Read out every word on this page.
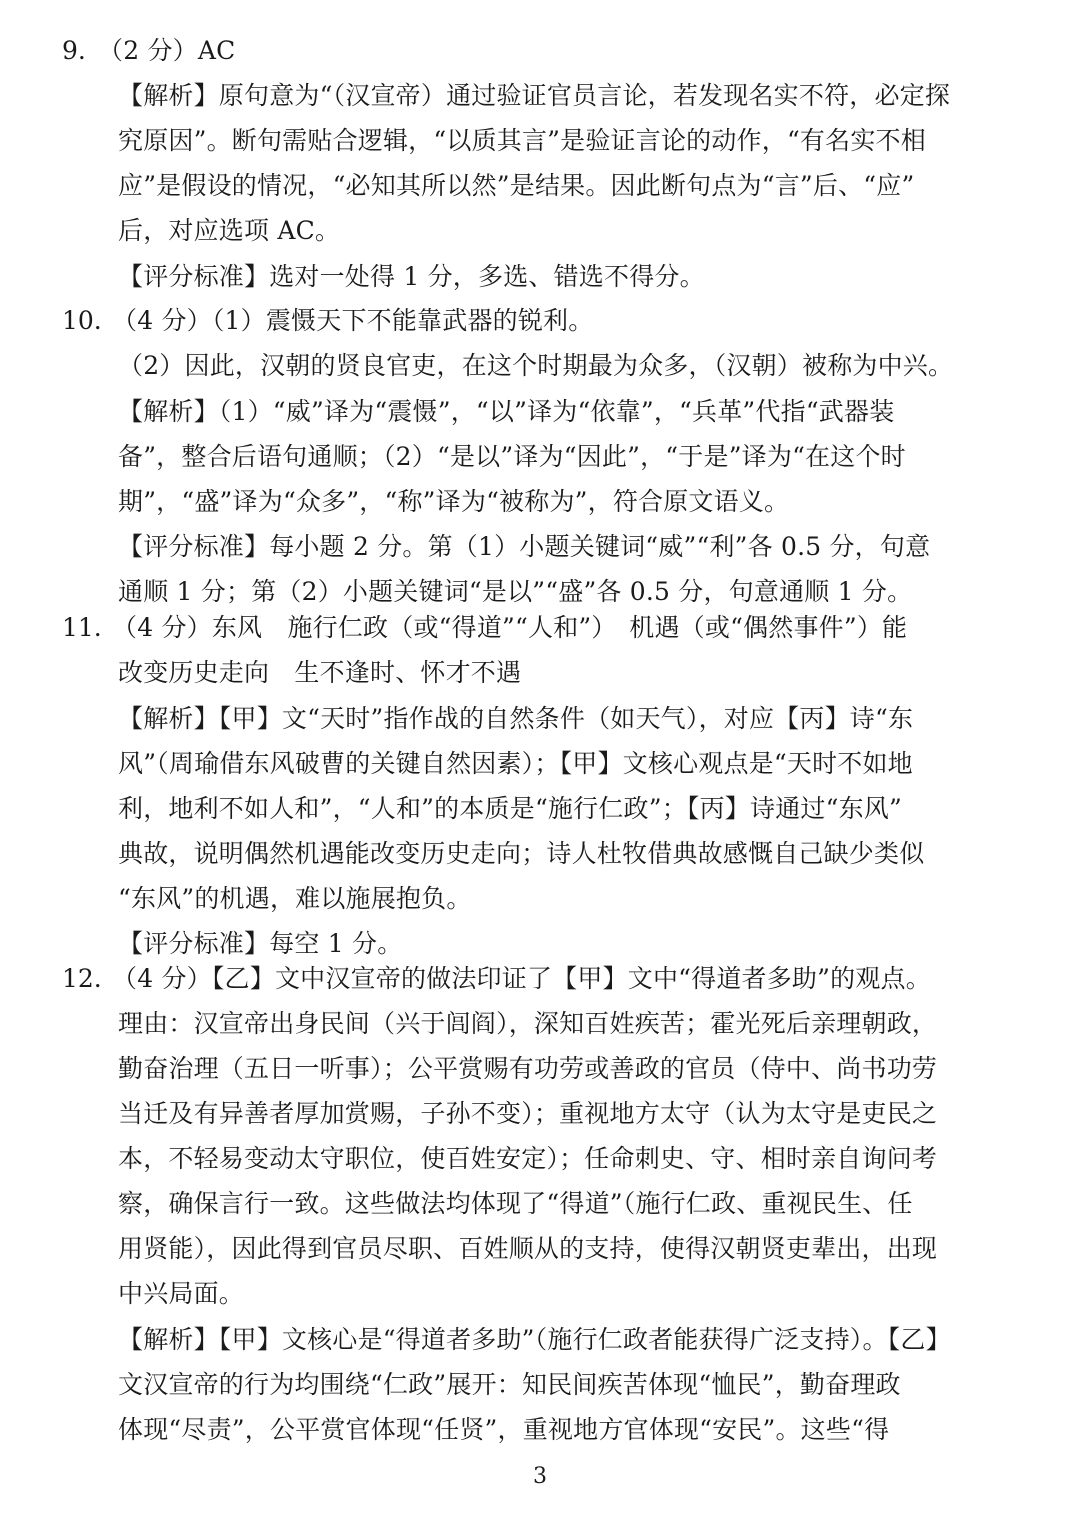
9. （2 分）AC
【解析】原句意为“（汉宣帝）通过验证官员言论，若发现名实不符，必定探
究原因”。断句需贴合逻辑，“以质其言”是验证言论的动作，“有名实不相
应”是假设的情况，“必知其所以然”是结果。因此断句点为“言”后、“应”
后，对应选项 AC。
【评分标准】选对一处得 1 分，多选、错选不得分。
10. （4 分）（1）震慑天下不能靠武器的锐利。
（2）因此，汉朝的贤良官吏，在这个时期最为众多，（汉朝）被称为中兴。
【解析】（1）“威”译为“震慑”，“以”译为“依靠”，“兵革”代指“武器装
备”，整合后语句通顺；（2）“是以”译为“因此”，“于是”译为“在这个时
期”，“盛”译为“众多”，“称”译为“被称为”，符合原文语义。
【评分标准】每小题 2 分。第（1）小题关键词“威”“利”各 0.5 分，句意
通顺 1 分；第（2）小题关键词“是以”“盛”各 0.5 分，句意通顺 1 分。
11. （4 分）东风　施行仁政（或“得道”“人和”）　机遇（或“偶然事件”）能
改变历史走向　生不逢时、怀才不遇
【解析】【甲】文“天时”指作战的自然条件（如天气），对应【丙】诗“东
风”（周瑜借东风破曹的关键自然因素）；【甲】文核心观点是“天时不如地
利，地利不如人和”，“人和”的本质是“施行仁政”；【丙】诗通过“东风”
典故，说明偶然机遇能改变历史走向；诗人杜牧借典故感慨自己缺少类似
“东风”的机遇，难以施展抱负。
【评分标准】每空 1 分。
12. （4 分）【乙】文中汉宣帝的做法印证了【甲】文中“得道者多助”的观点。
理由：汉宣帝出身民间（兴于闾阎），深知百姓疾苦；霍光死后亲理朝政，
勤奋治理（五日一听事）；公平赏赐有功劳或善政的官员（侍中、尚书功劳
当迁及有异善者厚加赏赐，子孙不变）；重视地方太守（认为太守是吏民之
本，不轻易变动太守职位，使百姓安定）；任命刺史、守、相时亲自询问考
察，确保言行一致。这些做法均体现了“得道”（施行仁政、重视民生、任
用贤能），因此得到官员尽职、百姓顺从的支持，使得汉朝贤吏辈出，出现
中兴局面。
【解析】【甲】文核心是“得道者多助”（施行仁政者能获得广泛支持）。【乙】
文汉宣帝的行为均围绕“仁政”展开：知民间疾苦体现“恤民”，勤奋理政
体现“尽责”，公平赏官体现“任贤”，重视地方官体现“安民”。这些“得
3
